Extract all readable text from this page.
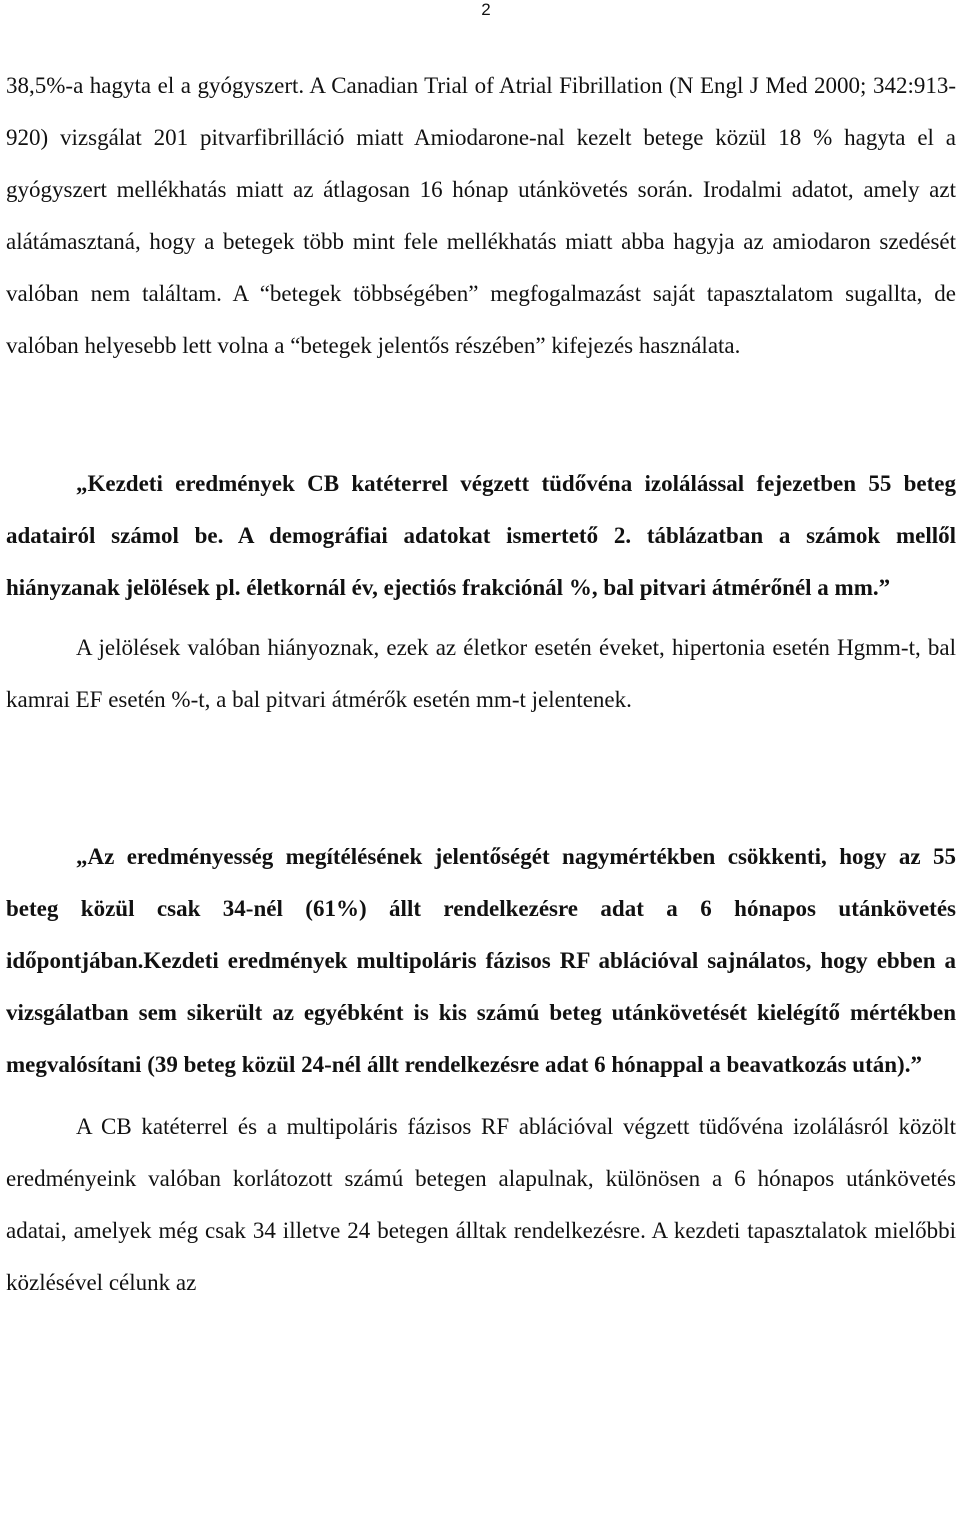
2

38,5%-a hagyta el a gyógyszert. A Canadian Trial of Atrial Fibrillation (N Engl J Med 2000; 342:913-920) vizsgálat 201 pitvarfibrilláció miatt Amiodarone-nal kezelt betege közül 18 % hagyta el a gyógyszert mellékhatás miatt az átlagosan 16 hónap utánkövetés során. Irodalmi adatot, amely azt alátámasztaná, hogy a betegek több mint fele mellékhatás miatt abba hagyja az amiodaron szedését valóban nem találtam. A “betegek többségében” megfogalmazást saját tapasztalatom sugallta, de valóban helyesebb lett volna a “betegek jelentős részében” kifejezés használata.

„Kezdeti eredmények CB katéterrel végzett tüdővéna izolálással fejezetben 55 beteg adatairól számol be. A demográfiai adatokat ismertető 2. táblázatban a számok mellől hiányzanak jelölések pl. életkornál év, ejectiós frakciónál %, bal pitvari átmérőnél a mm.”

A jelölések valóban hiányoznak, ezek az életkor esetén éveket, hipertonia esetén Hgmm-t, bal kamrai EF esetén %-t, a bal pitvari átmérők esetén mm-t jelentenek.

„Az eredményesség megítélésének jelentőségét nagymértékben csökkenti, hogy az 55 beteg közül csak 34-nél (61%) állt rendelkezésre adat a 6 hónapos utánkövetés időpontjában.Kezdeti eredmények multipoláris fázisos RF ablációval sajnálatos, hogy ebben a vizsgálatban sem sikerült az egyébként is kis számú beteg utánkövetését kielégítő mértékben megvalósítani (39 beteg közül 24-nél állt rendelkezésre adat 6 hónappal a beavatkozás után).”

A CB katéterrel és a multipoláris fázisos RF ablációval végzett tüdővéna izolálásról közölt eredményeink valóban korlátozott számú betegen alapulnak, különösen a 6 hónapos utánkövetés adatai, amelyek még csak 34 illetve 24 betegen álltak rendelkezésre. A kezdeti tapasztalatok mielőbbi közlésével célunk az
